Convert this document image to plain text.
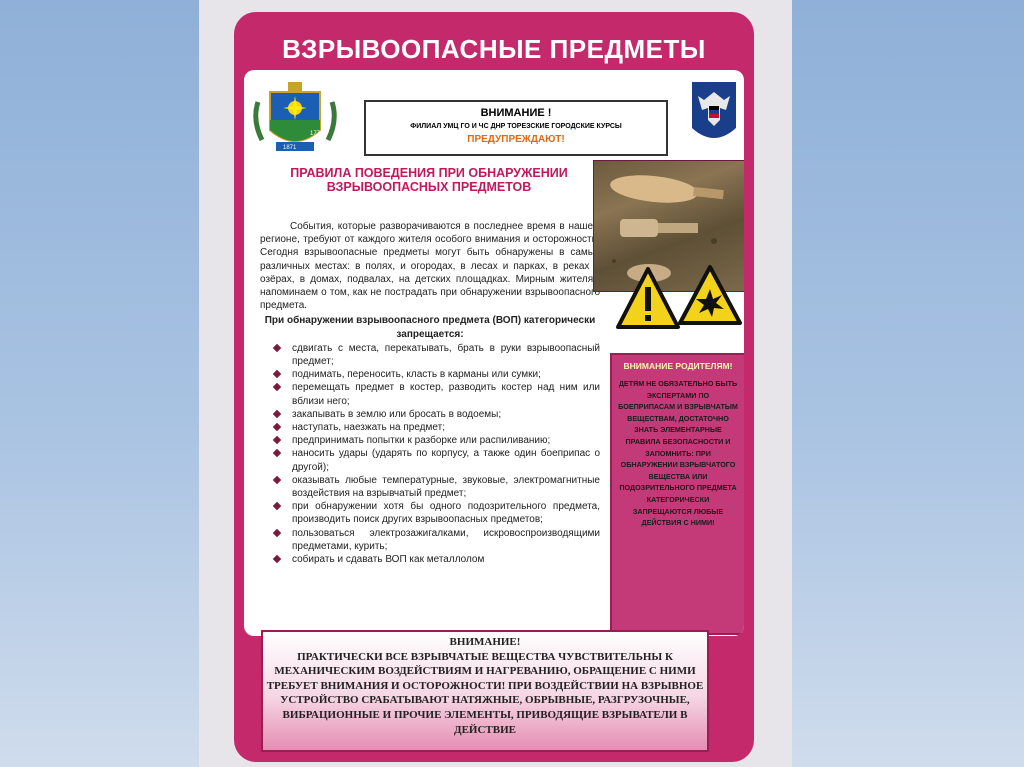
ВЗРЫВООПАСНЫЕ ПРЕДМЕТЫ
1778
1871
ВНИМАНИЕ !
ФИЛИАЛ УМЦ ГО И ЧС ДНР ТОРЕЗСКИЕ ГОРОДСКИЕ КУРСЫ
ПРЕДУПРЕЖДАЮТ!
ПРАВИЛА ПОВЕДЕНИЯ ПРИ ОБНАРУЖЕНИИ ВЗРЫВООПАСНЫХ ПРЕДМЕТОВ

События, которые разворачиваются в последнее время в нашем регионе, требуют от каждого жителя особого внимания и осторожности. Сегодня взрывоопасные предметы могут быть обнаружены в самых различных местах: в полях, и огородах, в лесах и парках, в реках и озёрах, в домах, подвалах, на детских площадках. Мирным жителям напоминаем о том, как не пострадать при обнаружении взрывоопасного предмета.

При обнаружении взрывоопасного предмета (ВОП) категорически запрещается:
сдвигать с места, перекатывать, брать в руки взрывоопасный предмет;
поднимать, переносить, класть в карманы или сумки;
перемещать предмет в костер, разводить костер над ним или вблизи него;
закапывать в землю или бросать в водоемы;
наступать, наезжать на предмет;
предпринимать попытки к разборке или распиливанию;
наносить удары (ударять по корпусу, а также один боеприпас о другой);
оказывать любые температурные, звуковые, электромагнитные воздействия на взрывчатый предмет;
при обнаружении хотя бы одного подозрительного предмета, производить поиск других взрывоопасных предметов;
пользоваться электрозажигалками, искровоспроизводящими предметами, курить;
собирать и сдавать ВОП как металлолом
ВНИМАНИЕ РОДИТЕЛЯМ!
ДЕТЯМ НЕ ОБЯЗАТЕЛЬНО БЫТЬ ЭКСПЕРТАМИ ПО БОЕПРИПАСАМ И ВЗРЫВЧАТЫМ ВЕЩЕСТВАМ, ДОСТАТОЧНО ЗНАТЬ ЭЛЕМЕНТАРНЫЕ ПРАВИЛА БЕЗОПАСНОСТИ И ЗАПОМНИТЬ: ПРИ ОБНАРУЖЕНИИ ВЗРЫВЧАТОГО ВЕЩЕСТВА ИЛИ ПОДОЗРИТЕЛЬНОГО ПРЕДМЕТА КАТЕГОРИЧЕСКИ ЗАПРЕЩАЮТСЯ ЛЮБЫЕ ДЕЙСТВИЯ С НИМИ!
ВНИМАНИЕ!
ПРАКТИЧЕСКИ ВСЕ ВЗРЫВЧАТЫЕ ВЕЩЕСТВА ЧУВСТВИТЕЛЬНЫ К МЕХАНИЧЕСКИМ ВОЗДЕЙСТВИЯМ И НАГРЕВАНИЮ, ОБРАЩЕНИЕ С НИМИ ТРЕБУЕТ ВНИМАНИЯ И ОСТОРОЖНОСТИ! ПРИ ВОЗДЕЙСТВИИ НА ВЗРЫВНОЕ УСТРОЙСТВО СРАБАТЫВАЮТ НАТЯЖНЫЕ, ОБРЫВНЫЕ, РАЗГРУЗОЧНЫЕ, ВИБРАЦИОННЫЕ И ПРОЧИЕ ЭЛЕМЕНТЫ, ПРИВОДЯЩИЕ ВЗРЫВАТЕЛИ В ДЕЙСТВИЕ
